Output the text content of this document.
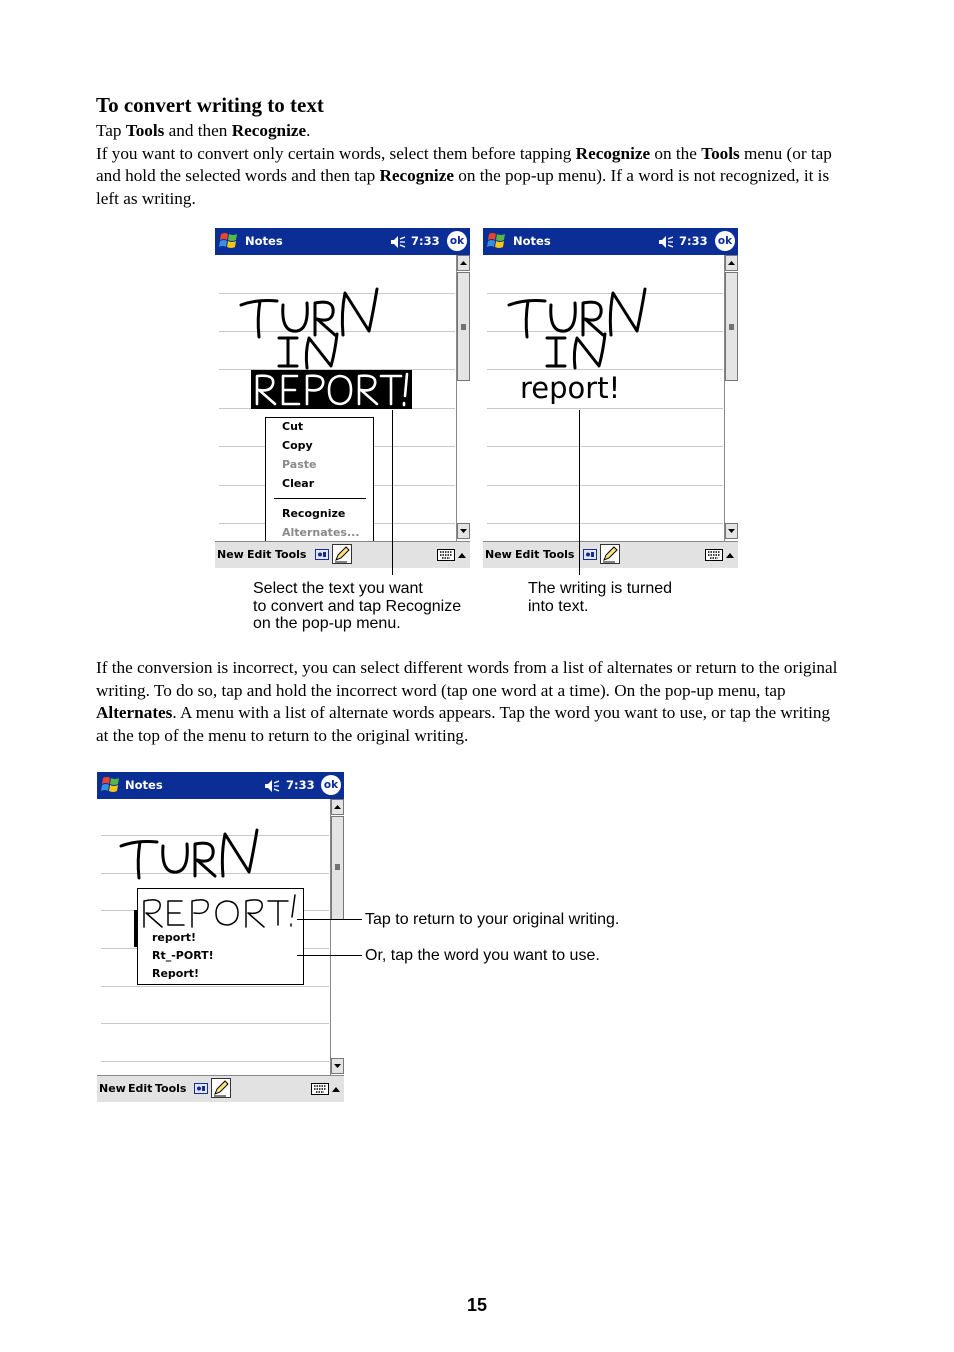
To convert writing to text
Tap Tools and then Recognize.
If you want to convert only certain words, select them before tapping Recognize on the Tools menu (or tap and hold the selected words and then tap Recognize on the pop-up menu). If a word is not recognized, it is left as writing.
Notes	7:33 ok
Cut
Copy
Paste
Clear
Recognize
Alternates...
New Edit Tools
Select the text you want
to convert and tap Recognize
on the pop-up menu.
Notes	7:33 ok
report!
New Edit Tools
The writing is turned
into text.
If the conversion is incorrect, you can select different words from a list of alternates or return to the original writing. To do so, tap and hold the incorrect word (tap one word at a time). On the pop-up menu, tap Alternates. A menu with a list of alternate words appears. Tap the word you want to use, or tap the writing at the top of the menu to return to the original writing.
Notes	7:33 ok
report!
Rt_-PORT!
Report!
New Edit Tools
Tap to return to your original writing.
Or, tap the word you want to use.
15
